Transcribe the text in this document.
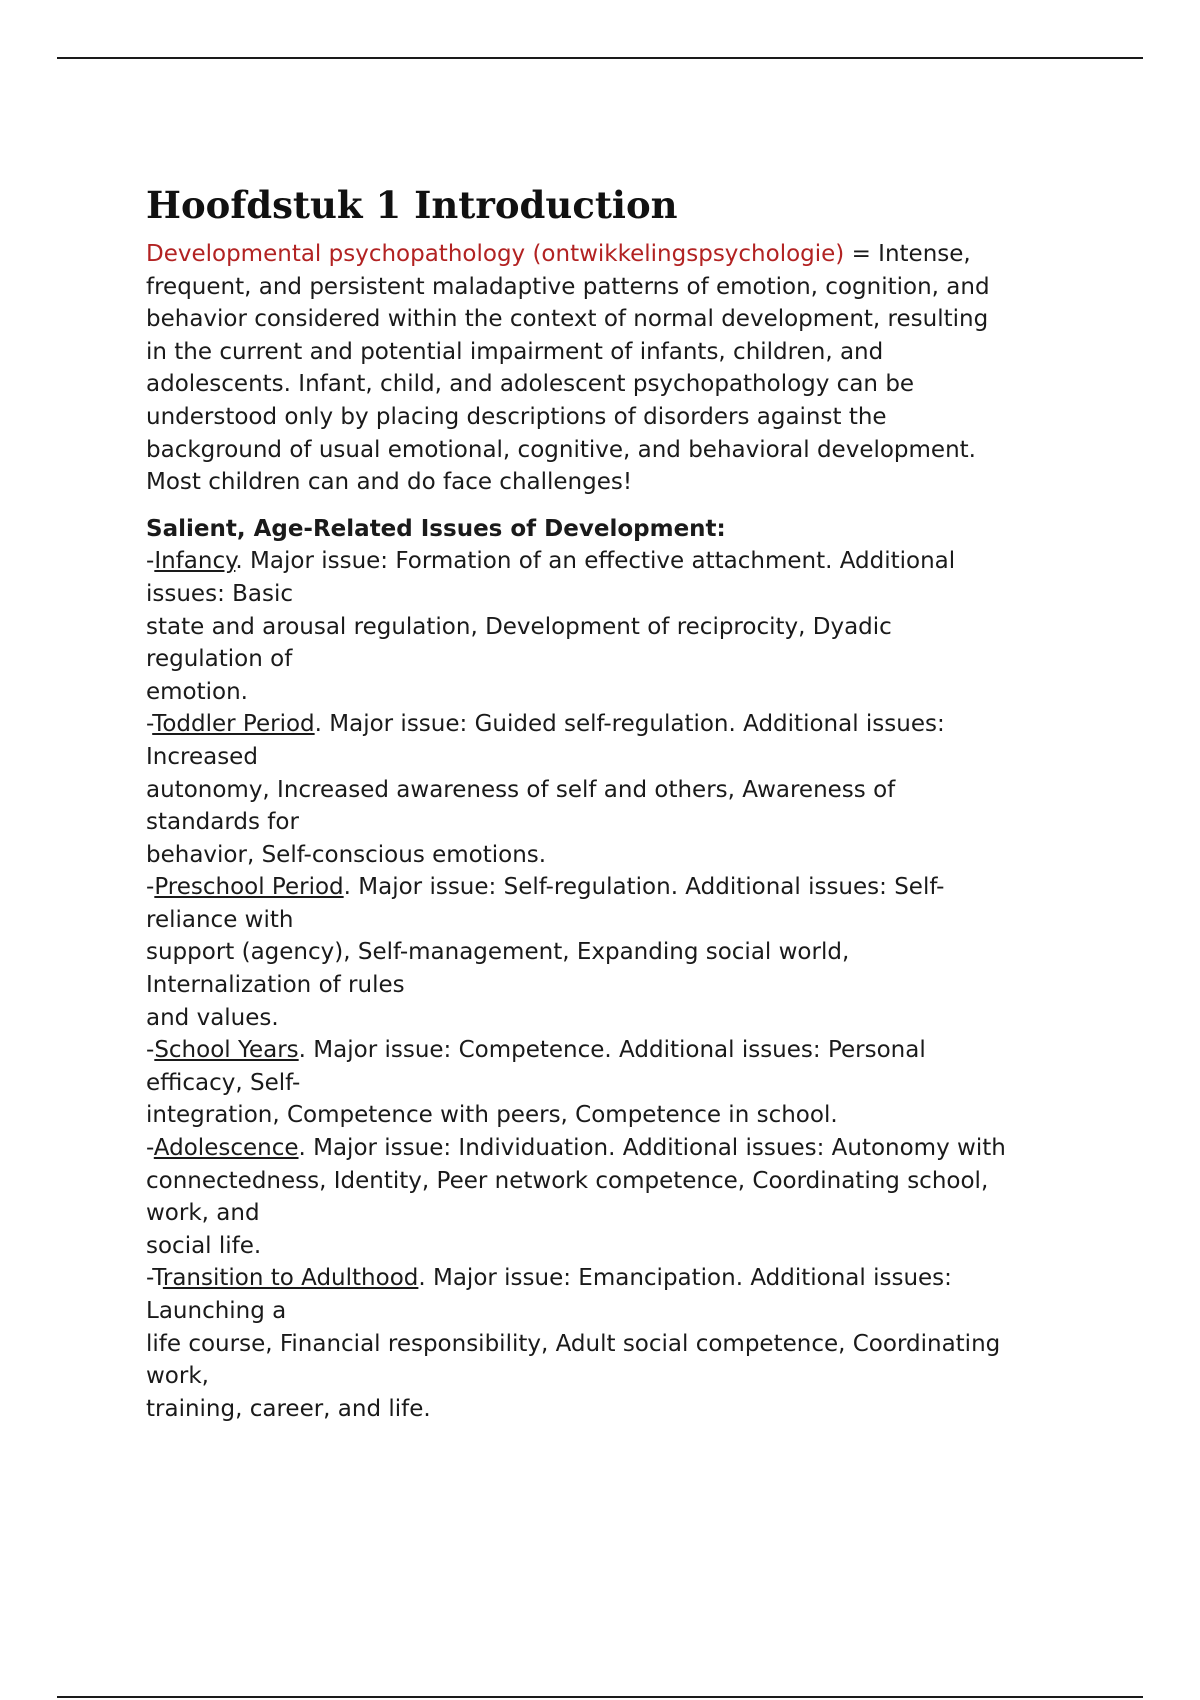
Hoofdstuk 1 Introduction

Developmental psychopathology (ontwikkelingspsychologie) = Intense,
frequent, and persistent maladaptive patterns of emotion, cognition, and
behavior considered within the context of normal development, resulting
in the current and potential impairment of infants, children, and
adolescents. Infant, child, and adolescent psychopathology can be
understood only by placing descriptions of disorders against the
background of usual emotional, cognitive, and behavioral development.
Most children can and do face challenges!

Salient, Age-Related Issues of Development:

-Infancy. Major issue: Formation of an effective attachment. Additional
issues: Basic
state and arousal regulation, Development of reciprocity, Dyadic
regulation of
emotion.

-Toddler Period. Major issue: Guided self-regulation. Additional issues:
Increased
autonomy, Increased awareness of self and others, Awareness of
standards for
behavior, Self-conscious emotions.

-Preschool Period. Major issue: Self-regulation. Additional issues: Self-
reliance with
support (agency), Self-management, Expanding social world,
Internalization of rules
and values.

-School Years. Major issue: Competence. Additional issues: Personal
efficacy, Self-
integration, Competence with peers, Competence in school.

-Adolescence. Major issue: Individuation. Additional issues: Autonomy with
connectedness, Identity, Peer network competence, Coordinating school,
work, and
social life.

-Transition to Adulthood. Major issue: Emancipation. Additional issues:
Launching a
life course, Financial responsibility, Adult social competence, Coordinating
work,
training, career, and life.
